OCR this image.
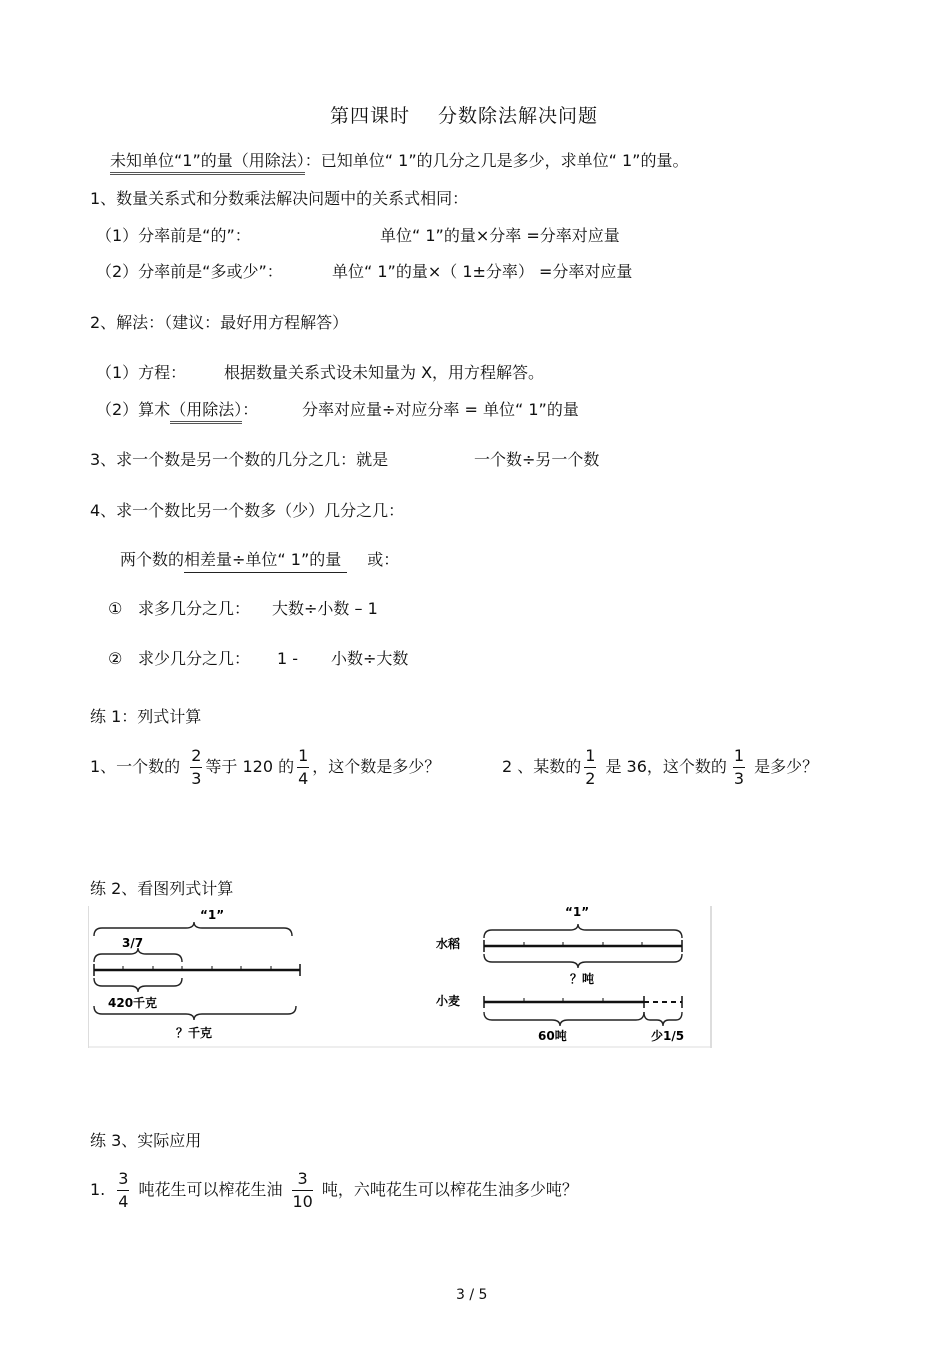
第四课时 分数除法解决问题
未知单位“1”的量（用除法）：已知单位“ 1”的几分之几是多少，求单位“ 1”的量。
1、数量关系式和分数乘法解决问题中的关系式相同：
（1）分率前是“的”：	单位“ 1”的量×分率 =分率对应量
（2）分率前是“多或少”：	单位“ 1”的量×（ 1±分率） =分率对应量
2、解法：（建议：最好用方程解答）
（1）方程： 根据数量关系式设未知量为 X，用方程解答。
（2）算术（用除法）：	分率对应量÷对应分率 = 单位“ 1”的量
3、求一个数是另一个数的几分之几：就是	一个数÷另一个数
4、求一个数比另一个数多（少）几分之几：
两个数的相差量÷单位“ 1”的量 或：
① 求多几分之几： 大数÷小数 – 1
② 求少几分之几： 1 - 小数÷大数
练 1：列式计算
1、一个数的 $\frac{2}{3}$ 等于 120 的 $\frac{1}{4}$ ，这个数是多少？	2 、某数的 $\frac{1}{2}$ 是 36，这个数的 $\frac{1}{3}$ 是多少？
练 2、看图列式计算
“1”
3/7
420千克
？千克
“1”
水稻
？吨
小麦
60吨	少1/5
练 3、实际应用
1. $\frac{3}{4}$ 吨花生可以榨花生油 $\frac{3}{10}$ 吨，六吨花生可以榨花生油多少吨？
3 / 5
